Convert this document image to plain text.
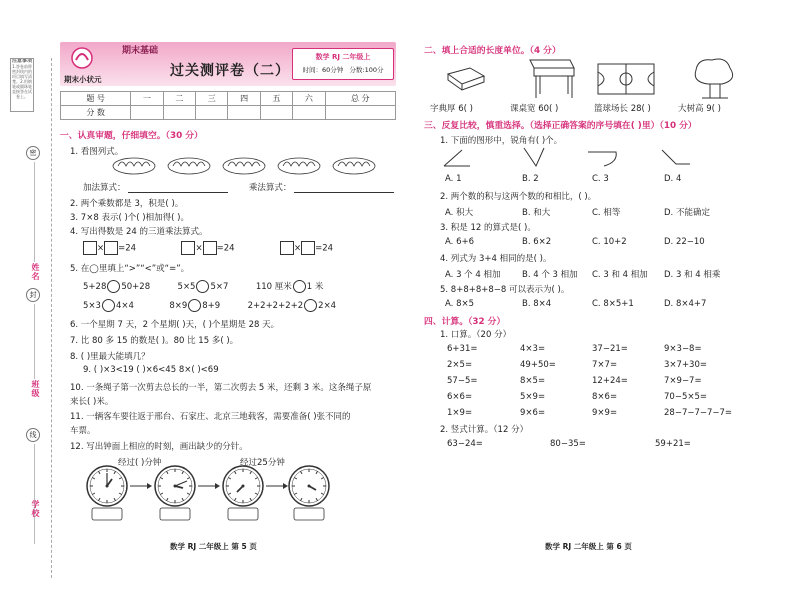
注意事项
1.答卷前将密封线内的项目填写清楚。2.用钢笔或圆珠笔直接答在试卷上。
密
姓名
封
班级
线
学校
期末小状元
期末基础
过关测评卷（二）
数学 RJ 二年级上
时间：60分钟 分数:100分
题 号	一	二	三	四	五	六	总 分
分 数							
一、认真审题，仔细填空。（30 分）
1. 看图列式。
加法算式：	乘法算式：
2. 两个乘数都是 3，积是( )。
3. 7×8 表示( )个( )相加得( )。
4. 写出得数是 24 的三道乘法算式。
× =24	× =24	× =24
5. 在◯里填上“>”“<”或“=”。
5+28 50+28	5×5 5×7	110 厘米 1 米
5×3 4×4	8×9 8+9	2+2+2+2+2 2×4
6. 一个星期 7 天，2 个星期( )天，( )个星期是 28 天。
7. 比 80 多 15 的数是( )。80 比 15 多( )。
8. ( )里最大能填几？
9. ( )×3<19 ( )×6<45 8×( )<69
10. 一条绳子第一次剪去总长的一半，第二次剪去 5 米，还剩 3 米。这条绳子原
来长( )米。
11. 一辆客车要往返于邢台、石家庄、北京三地载客，需要准备( )张不同的
车票。
12. 写出钟面上相应的时刻，画出缺少的分针。
经过( )分钟	经过25分钟
数学 RJ 二年级上 第 5 页
二、填上合适的长度单位。（4 分）
字典厚 6( )	课桌宽 60( )	篮球场长 28( )	大树高 9( )
三、反复比较，慎重选择。（选择正确答案的序号填在( )里）（10 分）
1. 下面的图形中，锐角有( )个。
A. 1	B. 2	C. 3	D. 4
2. 两个数的积与这两个数的和相比，( )。
A. 积大	B. 和大	C. 相等	D. 不能确定
3. 积是 12 的算式是( )。
A. 6+6	B. 6×2	C. 10+2	D. 22−10
4. 列式为 3+4 相同的是( )。
A. 3 个 4 相加	B. 4 个 3 相加 C. 3 和 4 相加 D. 3 和 4 相乘
5. 8+8+8+8−8 可以表示为( )。
A. 8×5	B. 8×4	C. 8×5+1	D. 8×4+7
四、计算。（32 分）
1. 口算。（20 分）
6+31=	4×3=	37−21=	9×3−8=
2×5=	49+50=	7×7=	3×7+30=
57−5=	8×5=	12+24=	7×9−7=
6×6=	5×9=	8×6=	70−5×5=
1×9=	9×6=	9×9=	28−7−7−7−7=
2. 竖式计算。（12 分）
63−24=	80−35=	59+21=
数学 RJ 二年级上 第 6 页
